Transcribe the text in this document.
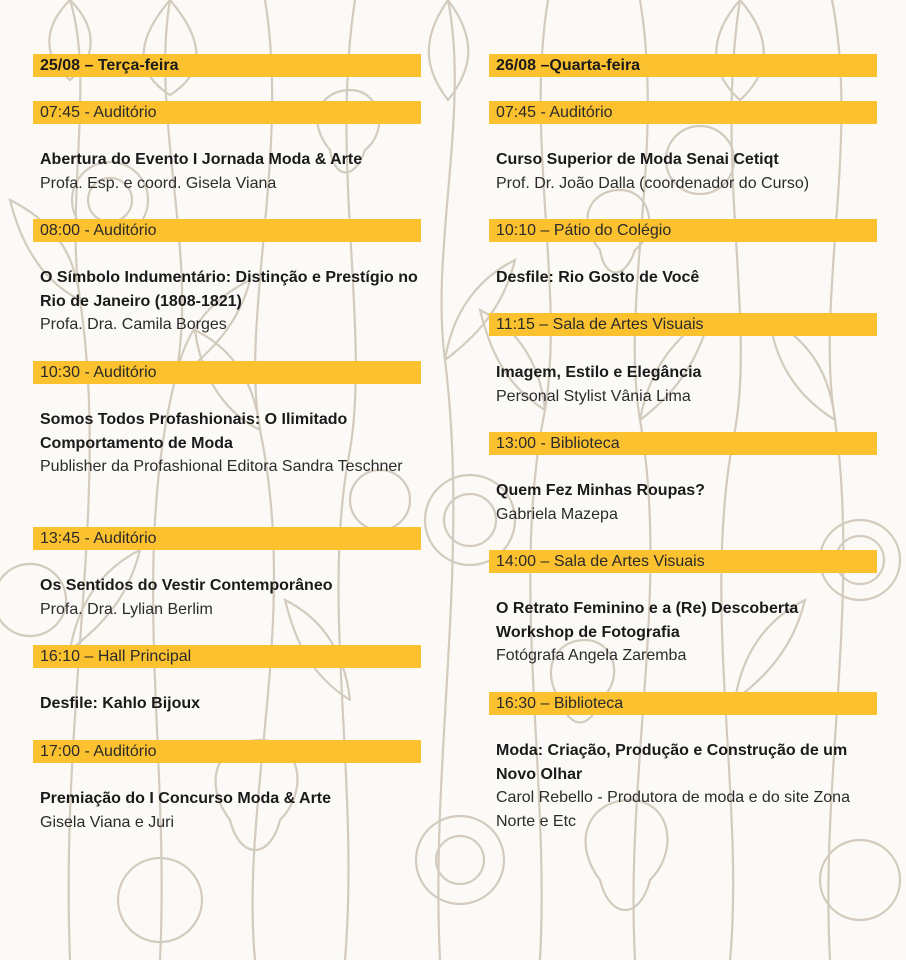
25/08 – Terça-feira
07:45 - Auditório
Abertura do Evento I Jornada Moda & Arte
Profa. Esp. e coord. Gisela Viana
08:00 - Auditório
O Símbolo Indumentário: Distinção e Prestígio no Rio de Janeiro (1808-1821)
Profa. Dra. Camila Borges
10:30 - Auditório
Somos Todos Profashionais: O Ilimitado Comportamento de Moda
Publisher da Profashional Editora Sandra Teschner
13:45 - Auditório
Os Sentidos do Vestir Contemporâneo
Profa. Dra. Lylian Berlim
16:10 – Hall Principal
Desfile: Kahlo Bijoux
17:00 - Auditório
Premiação do I Concurso Moda & Arte
Gisela Viana e Juri
26/08 –Quarta-feira
07:45 - Auditório
Curso Superior de Moda Senai Cetiqt
Prof. Dr. João Dalla (coordenador do Curso)
10:10 – Pátio do Colégio
Desfile: Rio Gosto de Você
11:15 – Sala de Artes Visuais
Imagem, Estilo e Elegância
Personal Stylist Vânia Lima
13:00 - Biblioteca
Quem Fez Minhas Roupas?
Gabriela Mazepa
14:00 – Sala de Artes Visuais
O Retrato Feminino e a (Re) Descoberta Workshop de Fotografia
Fotógrafa Angela Zaremba
16:30 – Biblioteca
Moda: Criação, Produção e Construção de um Novo Olhar
Carol Rebello - Produtora de moda e do site Zona Norte e Etc
